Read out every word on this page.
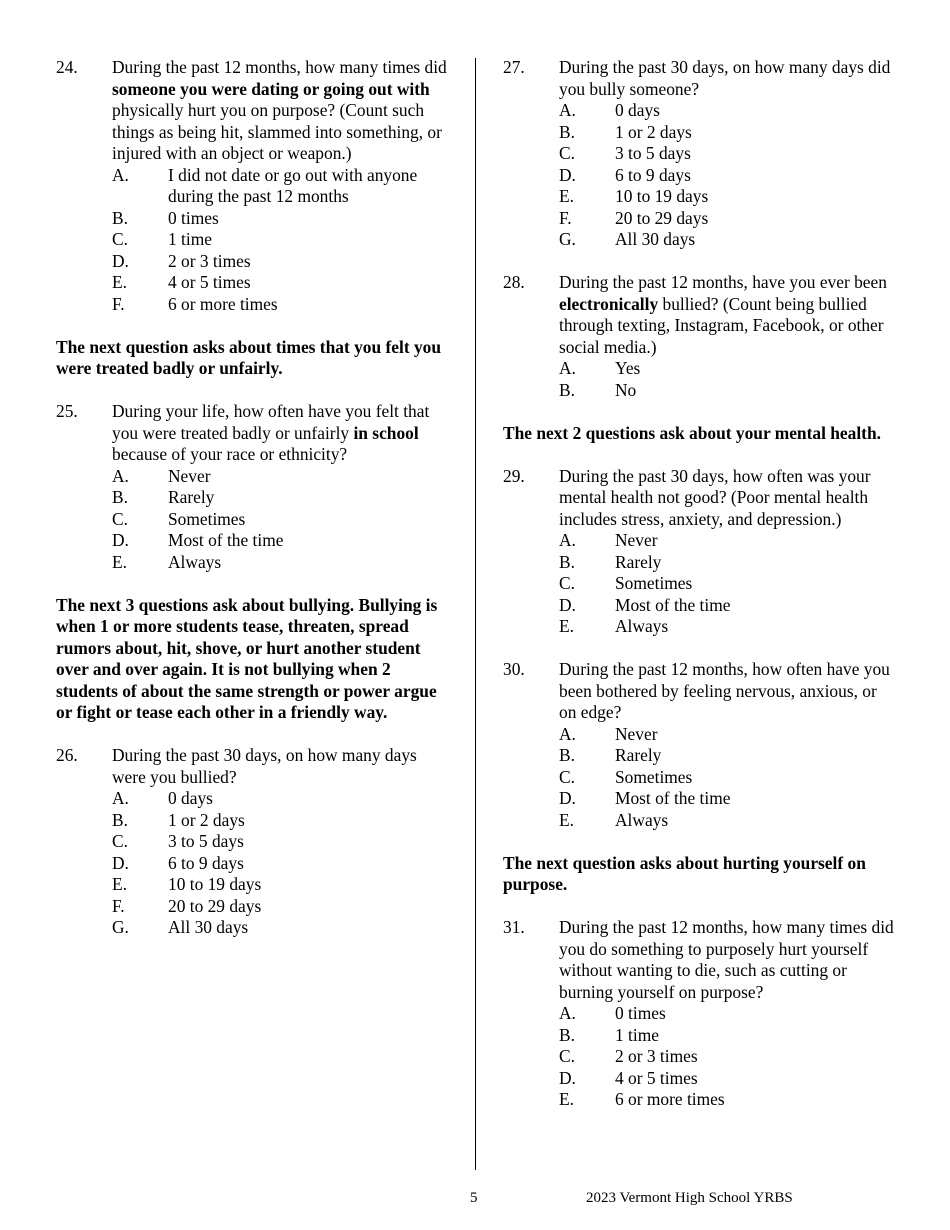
24.	During the past 12 months, how many times did someone you were dating or going out with physically hurt you on purpose? (Count such things as being hit, slammed into something, or injured with an object or weapon.)
A.	I did not date or go out with anyone during the past 12 months
B.	0 times
C.	1 time
D.	2 or 3 times
E.	4 or 5 times
F.	6 or more times
The next question asks about times that you felt you were treated badly or unfairly.
25.	During your life, how often have you felt that you were treated badly or unfairly in school because of your race or ethnicity?
A.	Never
B.	Rarely
C.	Sometimes
D.	Most of the time
E.	Always
The next 3 questions ask about bullying. Bullying is when 1 or more students tease, threaten, spread rumors about, hit, shove, or hurt another student over and over again. It is not bullying when 2 students of about the same strength or power argue or fight or tease each other in a friendly way.
26.	During the past 30 days, on how many days were you bullied?
A.	0 days
B.	1 or 2 days
C.	3 to 5 days
D.	6 to 9 days
E.	10 to 19 days
F.	20 to 29 days
G.	All 30 days
27.	During the past 30 days, on how many days did you bully someone?
A.	0 days
B.	1 or 2 days
C.	3 to 5 days
D.	6 to 9 days
E.	10 to 19 days
F.	20 to 29 days
G.	All 30 days
28.	During the past 12 months, have you ever been electronically bullied? (Count being bullied through texting, Instagram, Facebook, or other social media.)
A.	Yes
B.	No
The next 2 questions ask about your mental health.
29.	During the past 30 days, how often was your mental health not good? (Poor mental health includes stress, anxiety, and depression.)
A.	Never
B.	Rarely
C.	Sometimes
D.	Most of the time
E.	Always
30.	During the past 12 months, how often have you been bothered by feeling nervous, anxious, or on edge?
A.	Never
B.	Rarely
C.	Sometimes
D.	Most of the time
E.	Always
The next question asks about hurting yourself on purpose.
31.	During the past 12 months, how many times did you do something to purposely hurt yourself without wanting to die, such as cutting or burning yourself on purpose?
A.	0 times
B.	1 time
C.	2 or 3 times
D.	4 or 5 times
E.	6 or more times
5	2023 Vermont High School YRBS
